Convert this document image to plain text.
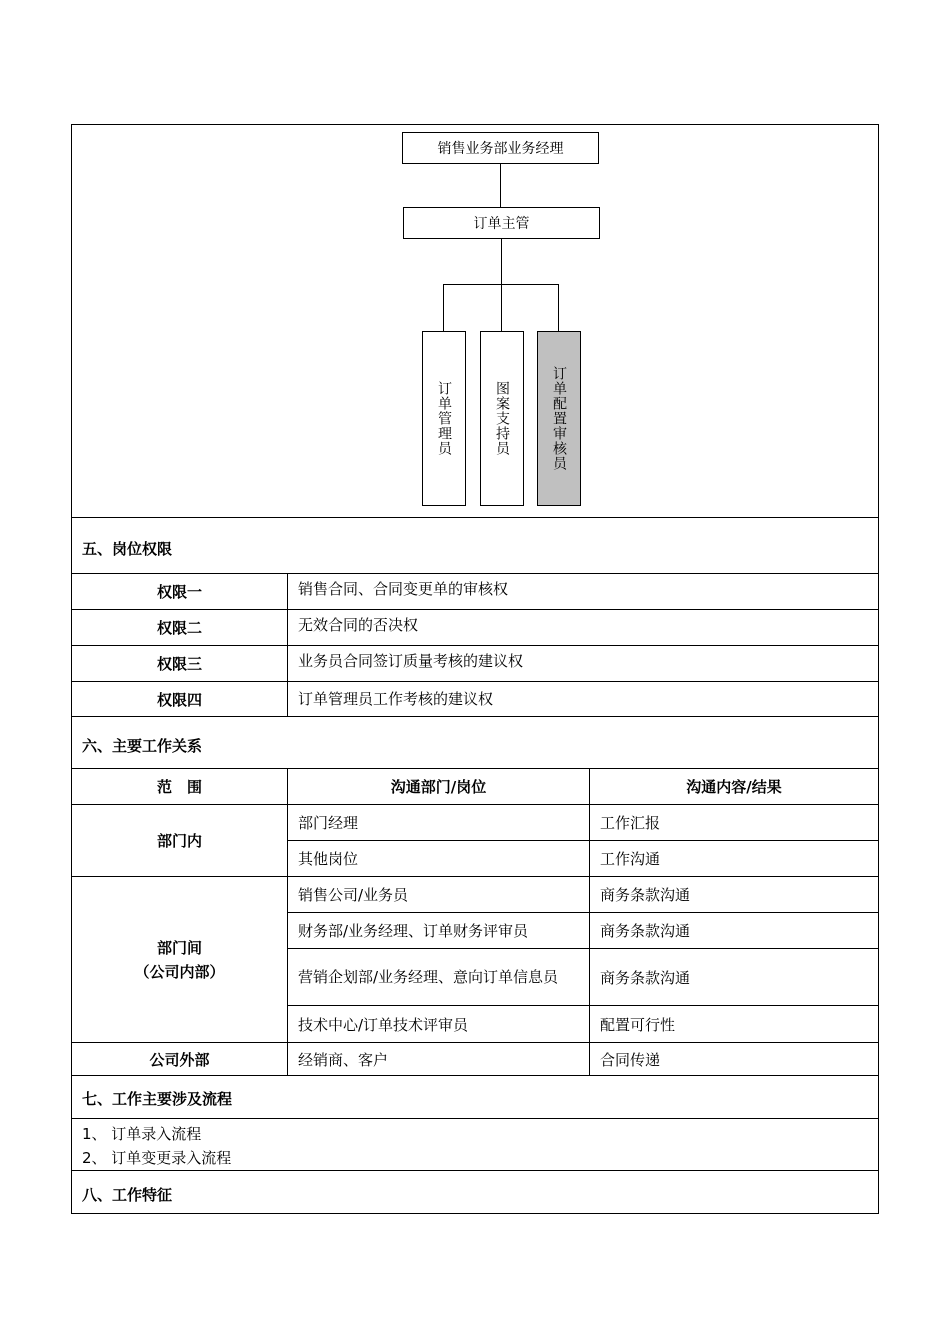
销售业务部业务经理
订单主管
订单管理员	图案支持员	订单配置审核员
五、岗位权限
权限一	销售合同、合同变更单的审核权
权限二	无效合同的否决权
权限三	业务员合同签订质量考核的建议权
权限四	订单管理员工作考核的建议权
六、主要工作关系
范　围	沟通部门/岗位	沟通内容/结果
部门内
部门经理	工作汇报
其他岗位	工作沟通
部门间
（公司内部）
销售公司/业务员	商务条款沟通
财务部/业务经理、订单财务评审员	商务条款沟通
营销企划部/业务经理、意向订单信息员	商务条款沟通
技术中心/订单技术评审员	配置可行性
公司外部	经销商、客户	合同传递
七、工作主要涉及流程
1、 订单录入流程
2、 订单变更录入流程
八、工作特征
